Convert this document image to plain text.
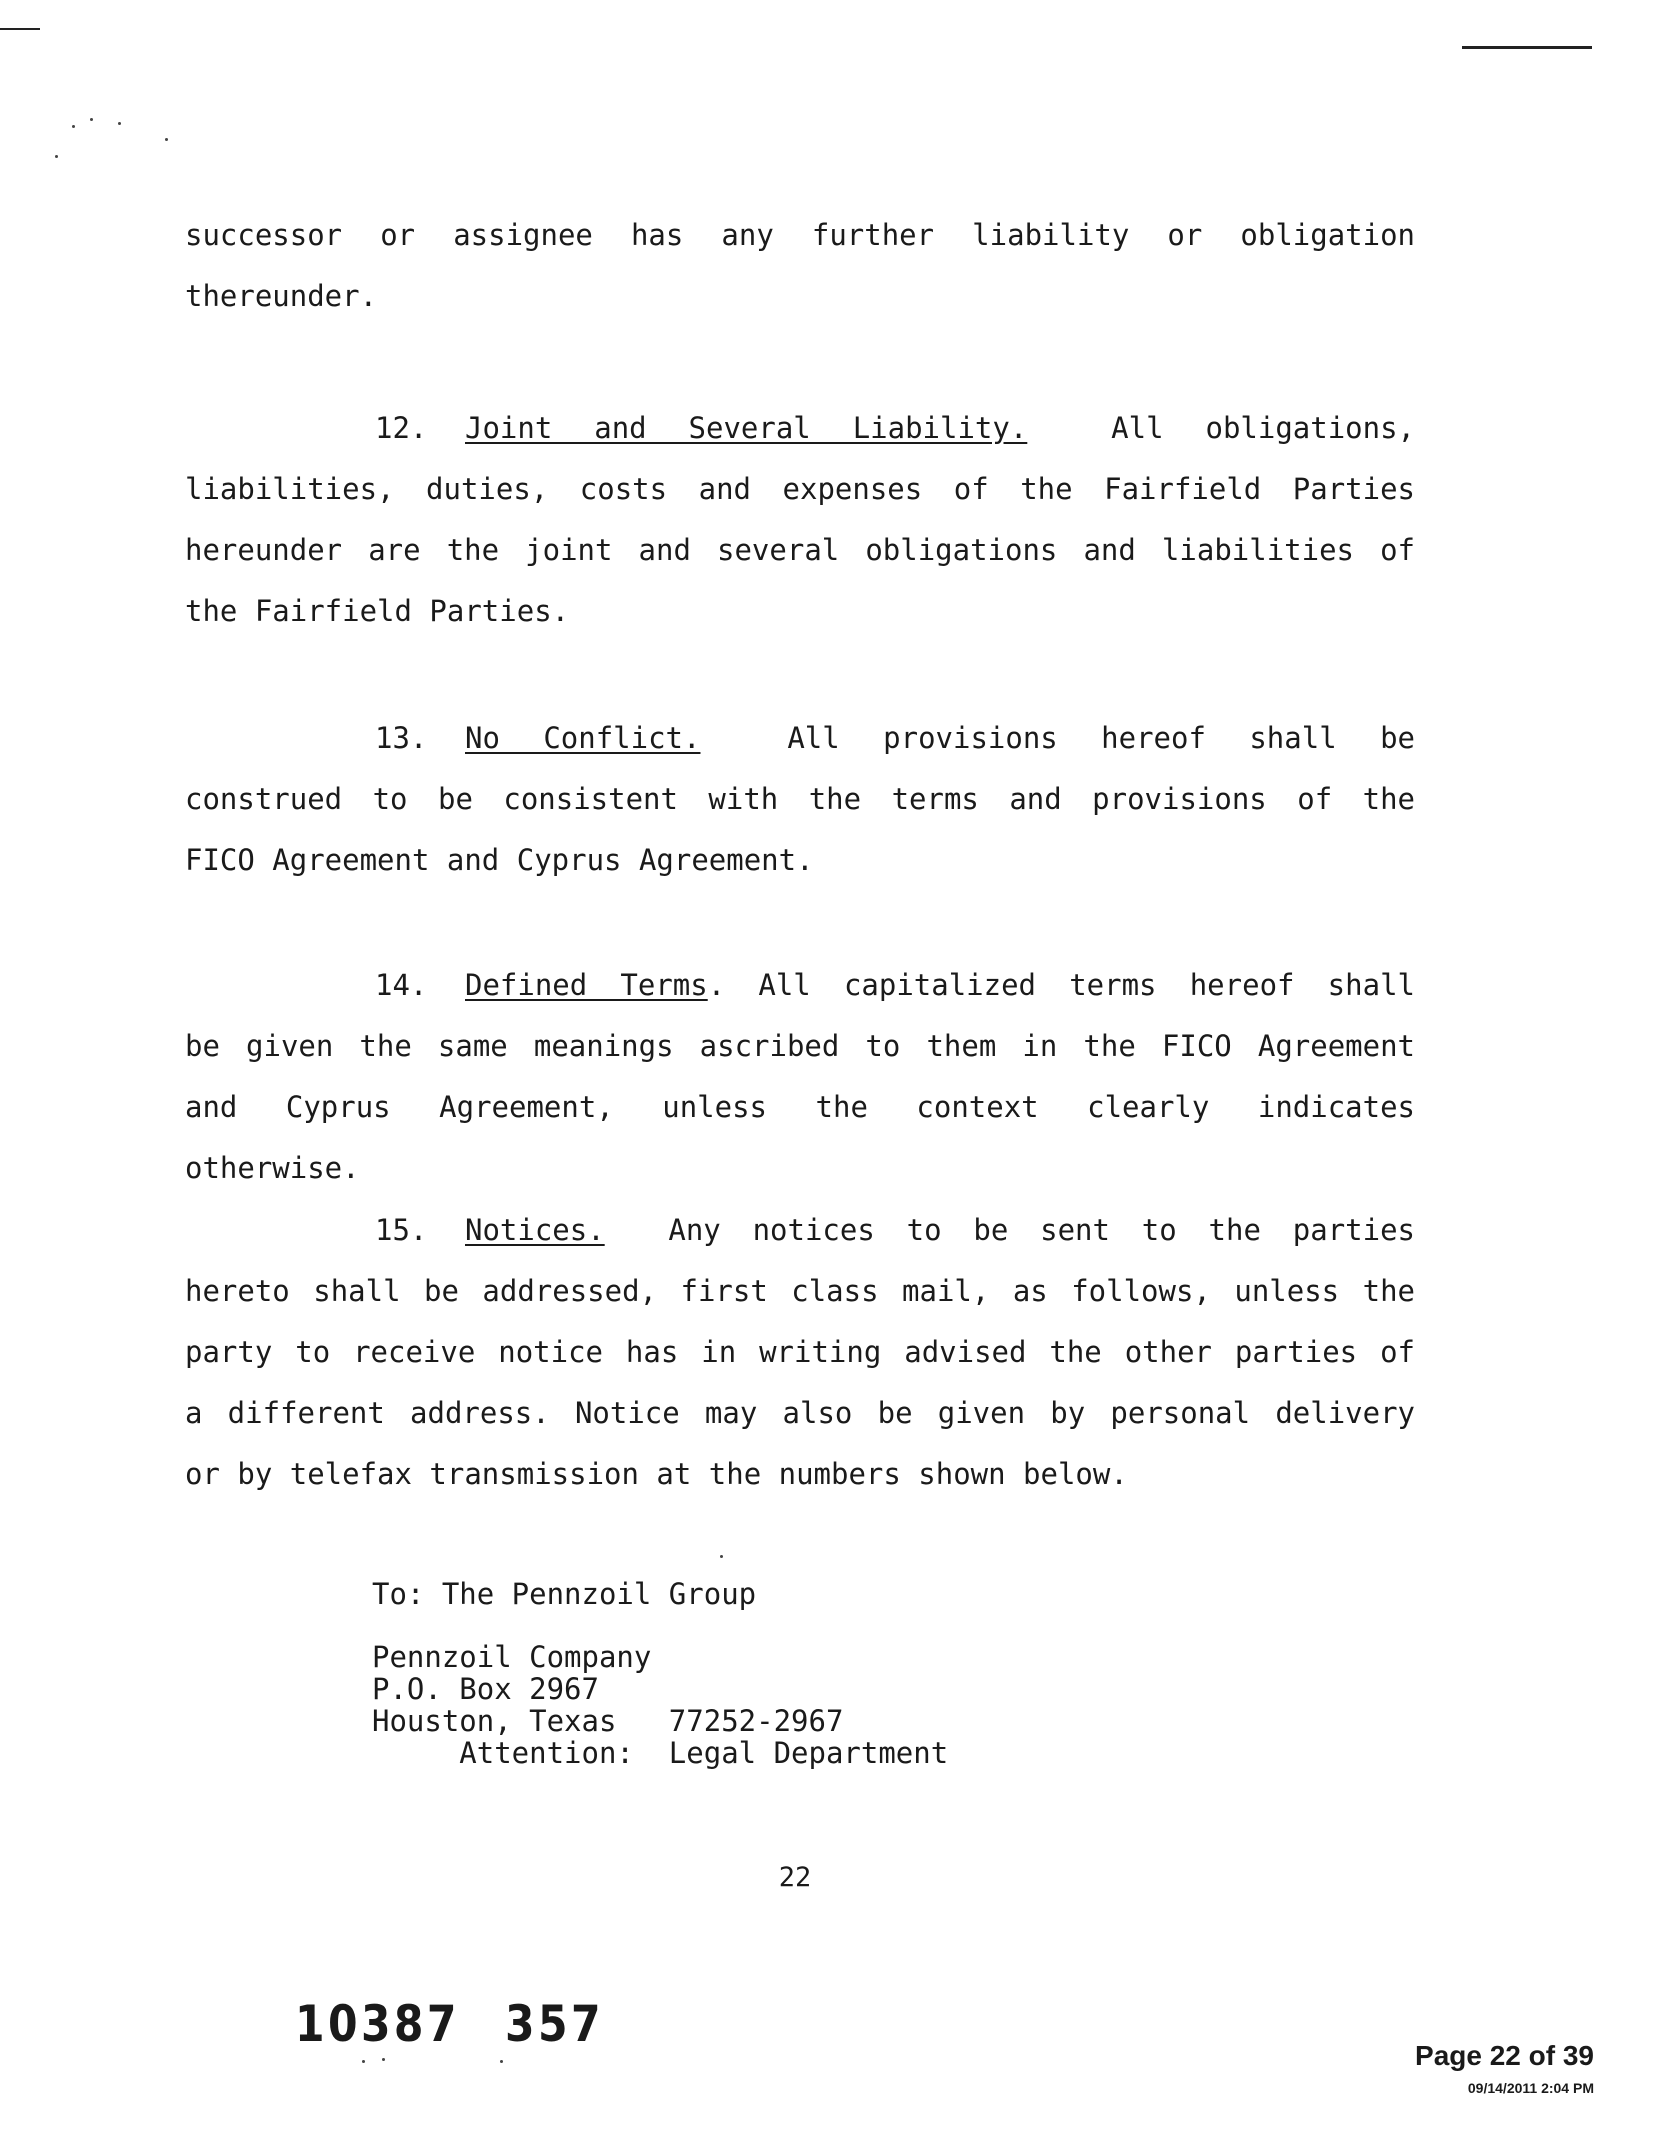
successor or assignee has any further liability or obligation
thereunder.
12. Joint and Several Liability.	All obligations,
liabilities, duties, costs and expenses of the Fairfield Parties
hereunder are the joint and several obligations and liabilities of
the Fairfield Parties.
13. No Conflict.	All provisions hereof shall be
construed to be consistent with the terms and provisions of the
FICO Agreement and Cyprus Agreement.
14. Defined Terms. All capitalized terms hereof shall
be given the same meanings ascribed to them in the FICO Agreement
and Cyprus Agreement, unless the context clearly indicates
otherwise.
15. Notices. Any notices to be sent to the parties
hereto shall be addressed, first class mail, as follows, unless the
party to receive notice has in writing advised the other parties of
a different address. Notice may also be given by personal delivery
or by telefax transmission at the numbers shown below.
To: The Pennzoil Group
Pennzoil Company
P.O. Box 2967
Houston, Texas   77252-2967
Attention:  Legal Department
22
10387 357
Page 22 of 39
09/14/2011 2:04 PM
